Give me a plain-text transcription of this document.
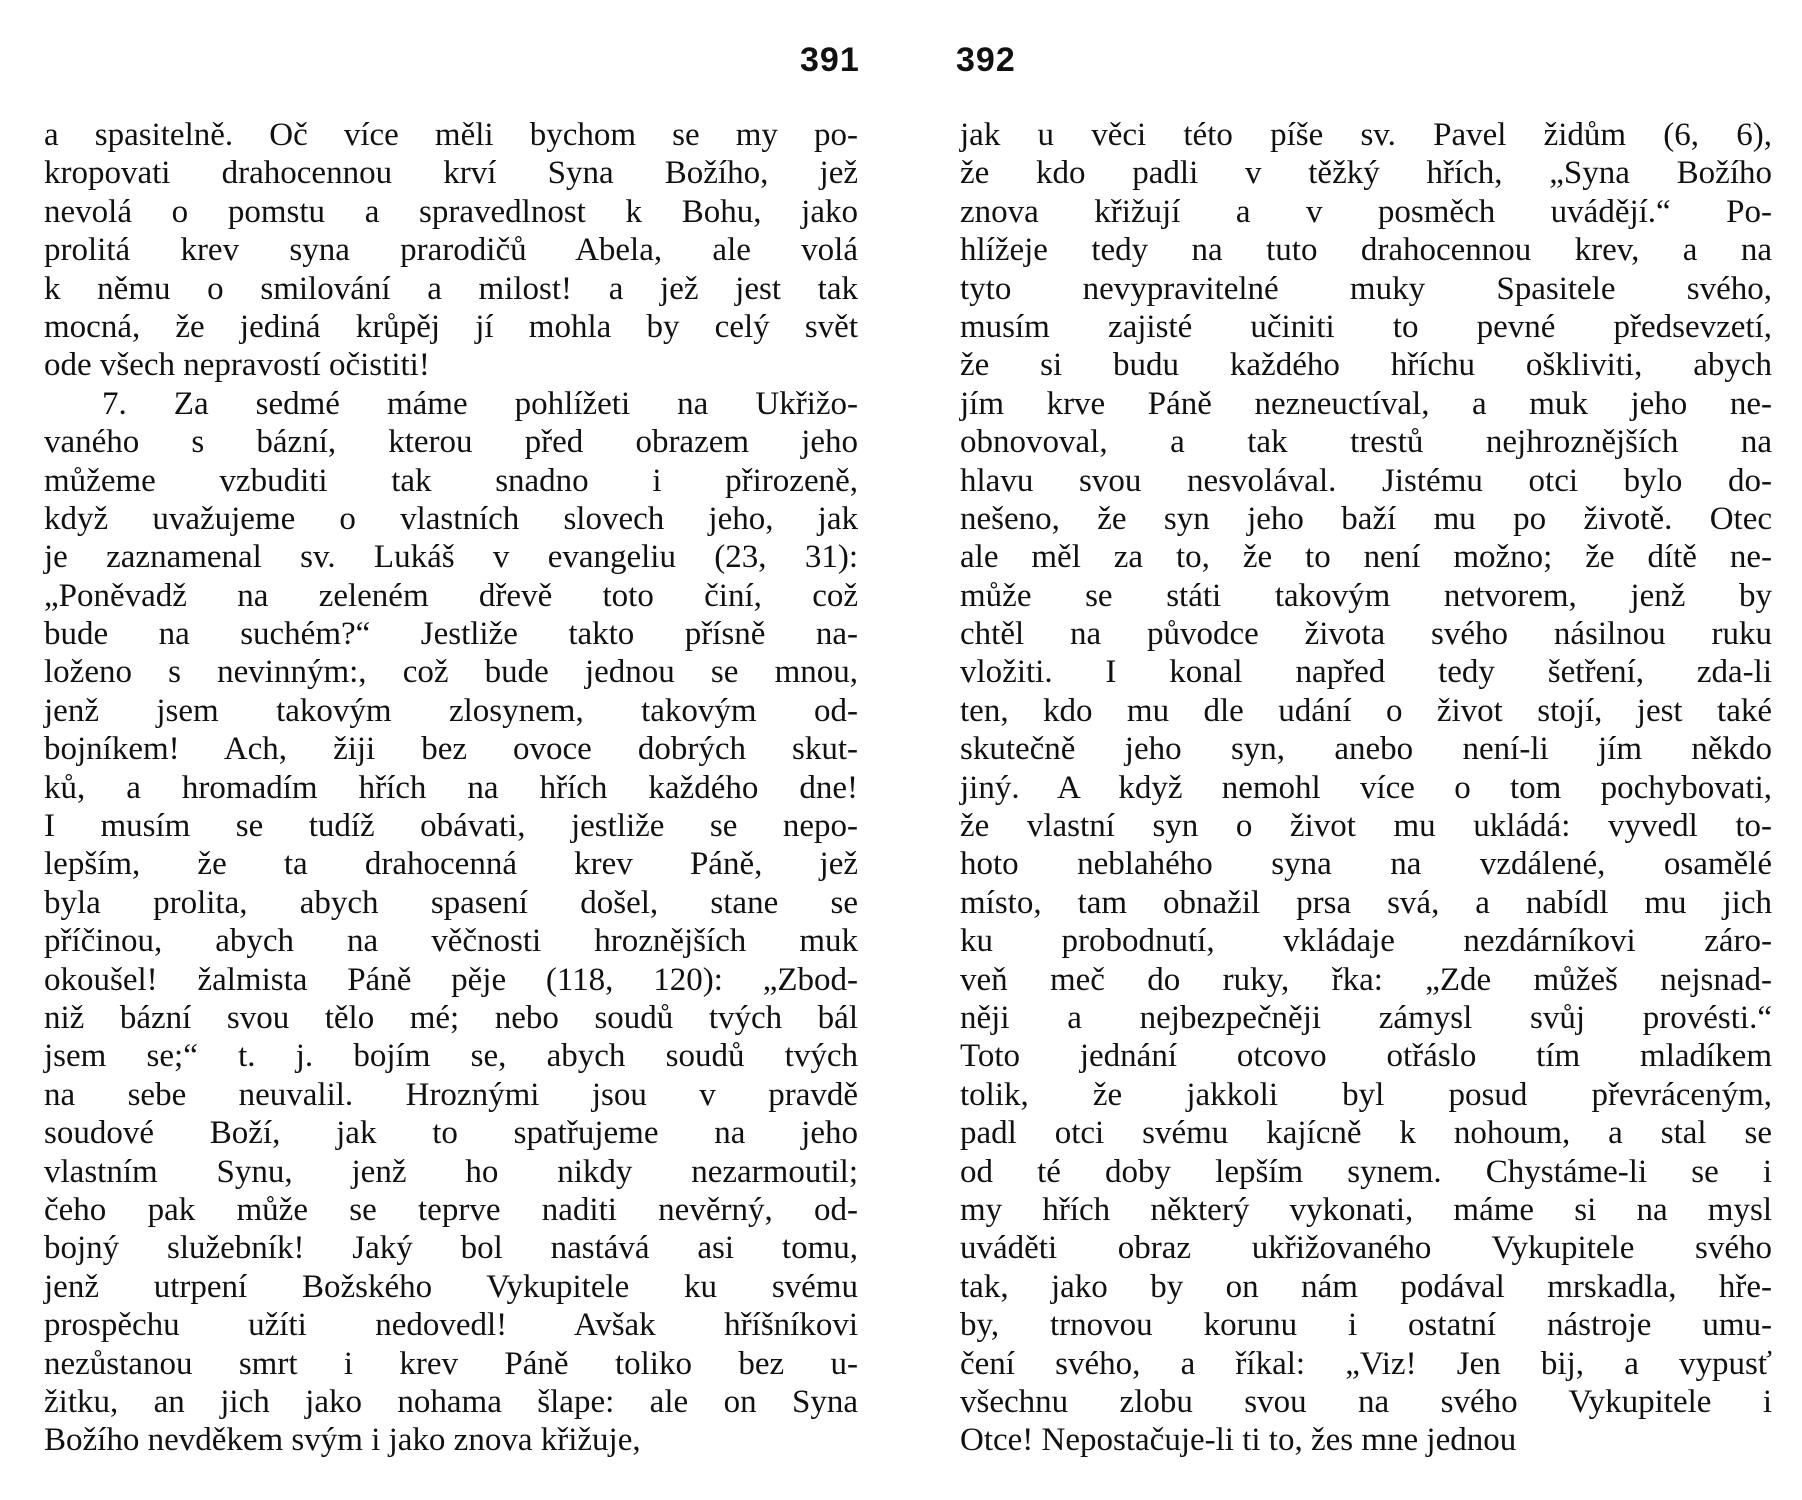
391	392
a spasitelně. Oč více měli bychom se my po-
kropovati drahocennou krví Syna Božího, jež
nevolá o pomstu a spravedlnost k Bohu, jako
prolitá krev syna prarodičů Abela, ale volá
k němu o smilování a milost! a jež jest tak
mocná, že jediná krůpěj jí mohla by celý svět
ode všech nepravostí očistiti!
7. Za sedmé máme pohlížeti na Ukřižo-
vaného s bázní, kterou před obrazem jeho
můžeme vzbuditi tak snadno i přirozeně,
když uvažujeme o vlastních slovech jeho, jak
je zaznamenal sv. Lukáš v evangeliu (23, 31):
„Poněvadž na zeleném dřevě toto činí, což
bude na suchém?“ Jestliže takto přísně na-
loženo s nevinným:, což bude jednou se mnou,
jenž jsem takovým zlosynem, takovým od-
bojníkem! Ach, žiji bez ovoce dobrých skut-
ků, a hromadím hřích na hřích každého dne!
I musím se tudíž obávati, jestliže se nepo-
lepším, že ta drahocenná krev Páně, jež
byla prolita, abych spasení došel, stane se
příčinou, abych na věčnosti hroznějších muk
okoušel! žalmista Páně pěje (118, 120): „Zbod-
niž bázní svou tělo mé; nebo soudů tvých bál
jsem se;“ t. j. bojím se, abych soudů tvých
na sebe neuvalil. Hroznými jsou v pravdě
soudové Boží, jak to spatřujeme na jeho
vlastním Synu, jenž ho nikdy nezarmoutil;
čeho pak může se teprve naditi nevěrný, od-
bojný služebník! Jaký bol nastává asi tomu,
jenž utrpení Božského Vykupitele ku svému
prospěchu užíti nedovedl! Avšak hříšníkovi
nezůstanou smrt i krev Páně toliko bez u-
žitku, an jich jako nohama šlape: ale on Syna
Božího nevděkem svým i jako znova křižuje,
jak u věci této píše sv. Pavel židům (6, 6),
že kdo padli v těžký hřích, „Syna Božího
znova křižují a v posměch uvádějí.“ Po-
hlížeje tedy na tuto drahocennou krev, a na
tyto nevypravitelné muky Spasitele svého,
musím zajisté učiniti to pevné předsevzetí,
že si budu každého hříchu oškliviti, abych
jím krve Páně nezneuctíval, a muk jeho ne-
obnovoval, a tak trestů nejhroznějších na
hlavu svou nesvolával. Jistému otci bylo do-
nešeno, že syn jeho baží mu po životě. Otec
ale měl za to, že to není možno; že dítě ne-
může se státi takovým netvorem, jenž by
chtěl na původce života svého násilnou ruku
vložiti. I konal napřed tedy šetření, zda-li
ten, kdo mu dle udání o život stojí, jest také
skutečně jeho syn, anebo není-li jím někdo
jiný. A když nemohl více o tom pochybovati,
že vlastní syn o život mu ukládá: vyvedl to-
hoto neblahého syna na vzdálené, osamělé
místo, tam obnažil prsa svá, a nabídl mu jich
ku probodnutí, vkládaje nezdárníkovi záro-
veň meč do ruky, řka: „Zde můžeš nejsnad-
něji a nejbezpečněji zámysl svůj provésti.“
Toto jednání otcovo otřáslo tím mladíkem
tolik, že jakkoli byl posud převráceným,
padl otci svému kajícně k nohoum, a stal se
od té doby lepším synem. Chystáme-li se i
my hřích některý vykonati, máme si na mysl
uváděti obraz ukřižovaného Vykupitele svého
tak, jako by on nám podával mrskadla, hře-
by, trnovou korunu i ostatní nástroje umu-
čení svého, a říkal: „Viz! Jen bij, a vypusť
všechnu zlobu svou na svého Vykupitele i
Otce! Nepostačuje-li ti to, žes mne jednou
